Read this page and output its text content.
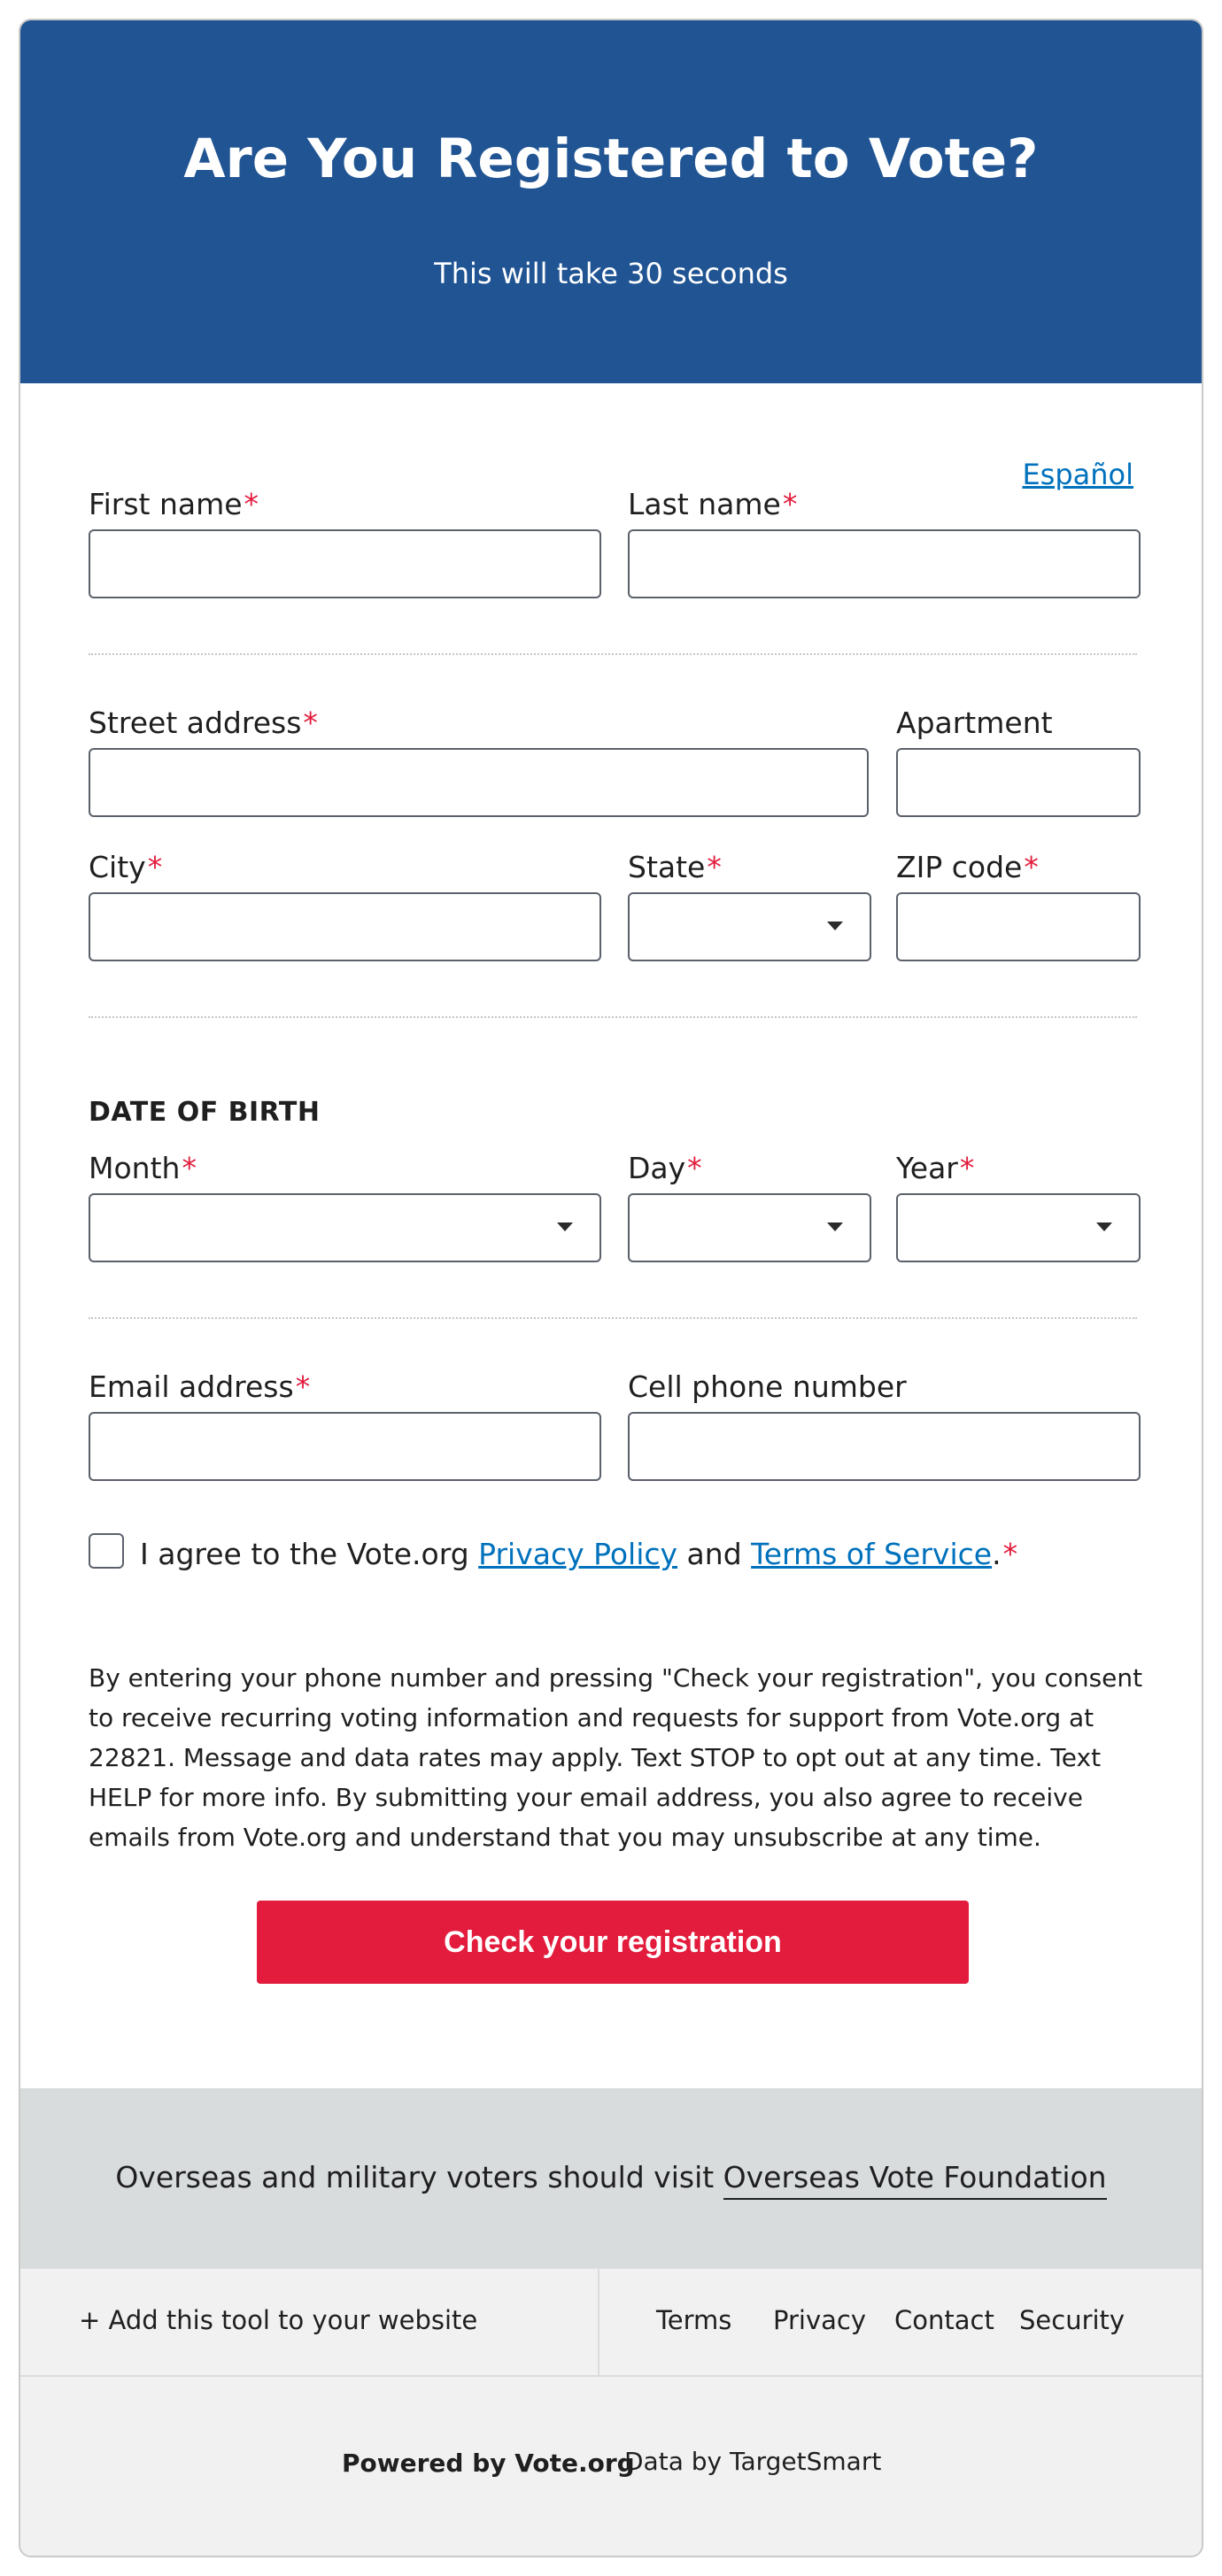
Are You Registered to Vote?

This will take 30 seconds

Español
First name*	Last name*
Street address*	Apartment
City*	State*	ZIP code*
DATE OF BIRTH
Month*	Day*	Year*
Email address*	Cell phone number
I agree to the Vote.org Privacy Policy and Terms of Service.*

By entering your phone number and pressing "Check your registration", you consent to receive recurring voting information and requests for support from Vote.org at 22821. Message and data rates may apply. Text STOP to opt out at any time. Text HELP for more info. By submitting your email address, you also agree to receive emails from Vote.org and understand that you may unsubscribe at any time.

Check your registration
Overseas and military voters should visit Overseas Vote Foundation
+ Add this tool to your website	Terms Privacy Contact Security
Powered by Vote.org
Data by TargetSmart
